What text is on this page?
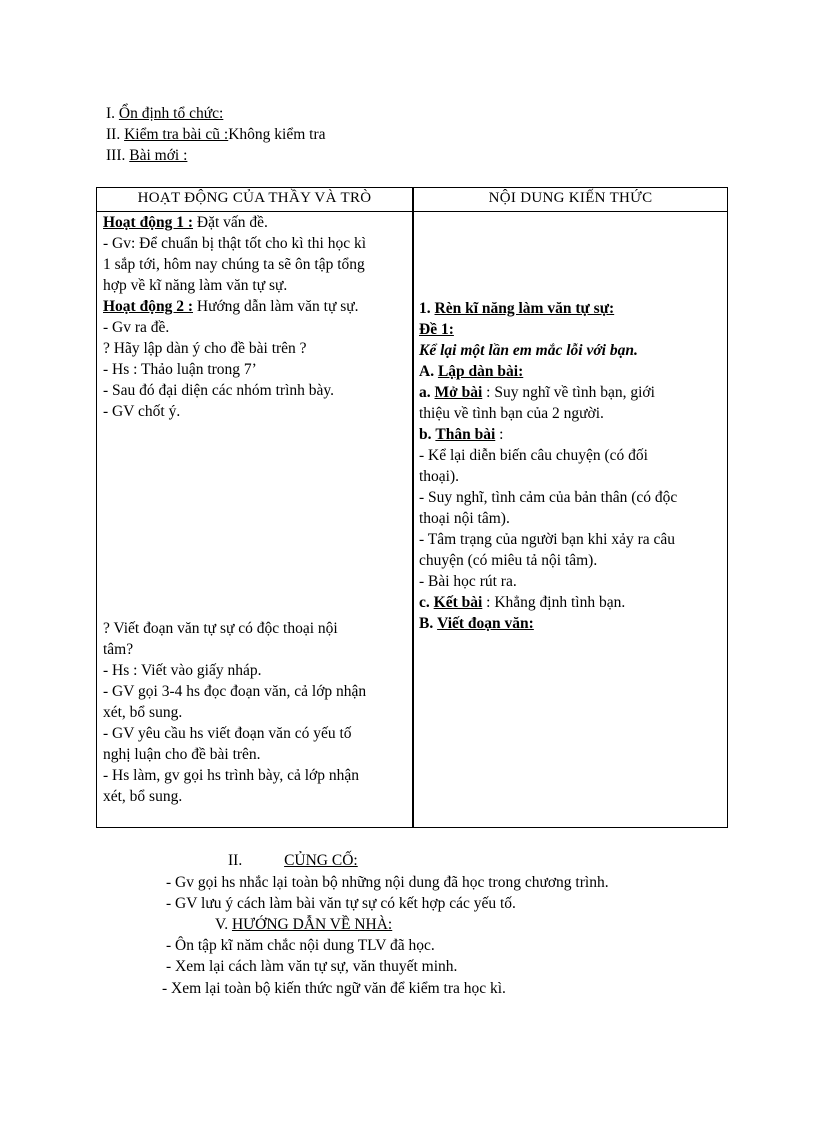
I. Ổn định tổ chức:
II. Kiểm tra bài cũ :Không kiểm tra
III. Bài mới :
HOẠT ĐỘNG CỦA THẦY VÀ TRÒ	NỘI DUNG KIẾN THỨC
Hoạt động 1 : Đặt vấn đề.
- Gv: Để chuẩn bị thật tốt cho kì thi học kì
1 sắp tới, hôm nay chúng ta sẽ ôn tập tổng
hợp về kĩ năng làm văn tự sự.
Hoạt động 2 : Hướng dẫn làm văn tự sự.
- Gv ra đề.
? Hãy lập dàn ý cho đề bài trên ?
- Hs : Thảo luận trong 7’
- Sau đó đại diện các nhóm trình bày.
- GV chốt ý.
? Viết đoạn văn tự sự có độc thoại nội
tâm?
- Hs : Viết vào giấy nháp.
- GV gọi 3-4 hs đọc đoạn văn, cả lớp nhận
xét, bổ sung.
- GV yêu cầu hs viết đoạn văn có yếu tố
nghị luận cho đề bài trên.
- Hs làm, gv gọi hs trình bày, cả lớp nhận
xét, bổ sung.
1. Rèn kĩ năng làm văn tự sự:
Đề 1:
Kể lại một lần em mắc lỗi với bạn.
A. Lập dàn bài:
a. Mở bài : Suy nghĩ về tình bạn, giới
thiệu về tình bạn của 2 người.
b. Thân bài :
- Kể lại diễn biến câu chuyện (có đối
thoại).
- Suy nghĩ, tình cảm của bản thân (có độc
thoại nội tâm).
- Tâm trạng của người bạn khi xảy ra câu
chuyện (có miêu tả nội tâm).
- Bài học rút ra.
c. Kết bài : Khẳng định tình bạn.
B. Viết đoạn văn:
II.	CỦNG CỐ:
- Gv gọi hs nhắc lại toàn bộ những nội dung đã học trong chương trình.
- GV lưu ý cách làm bài văn tự sự có kết hợp các yếu tố.
V. HƯỚNG DẪN VỀ NHÀ:
- Ôn tập kĩ năm chắc nội dung TLV đã học.
- Xem lại cách làm văn tự sự, văn thuyết minh.
- Xem lại toàn bộ kiến thức ngữ văn để kiểm tra học kì.
